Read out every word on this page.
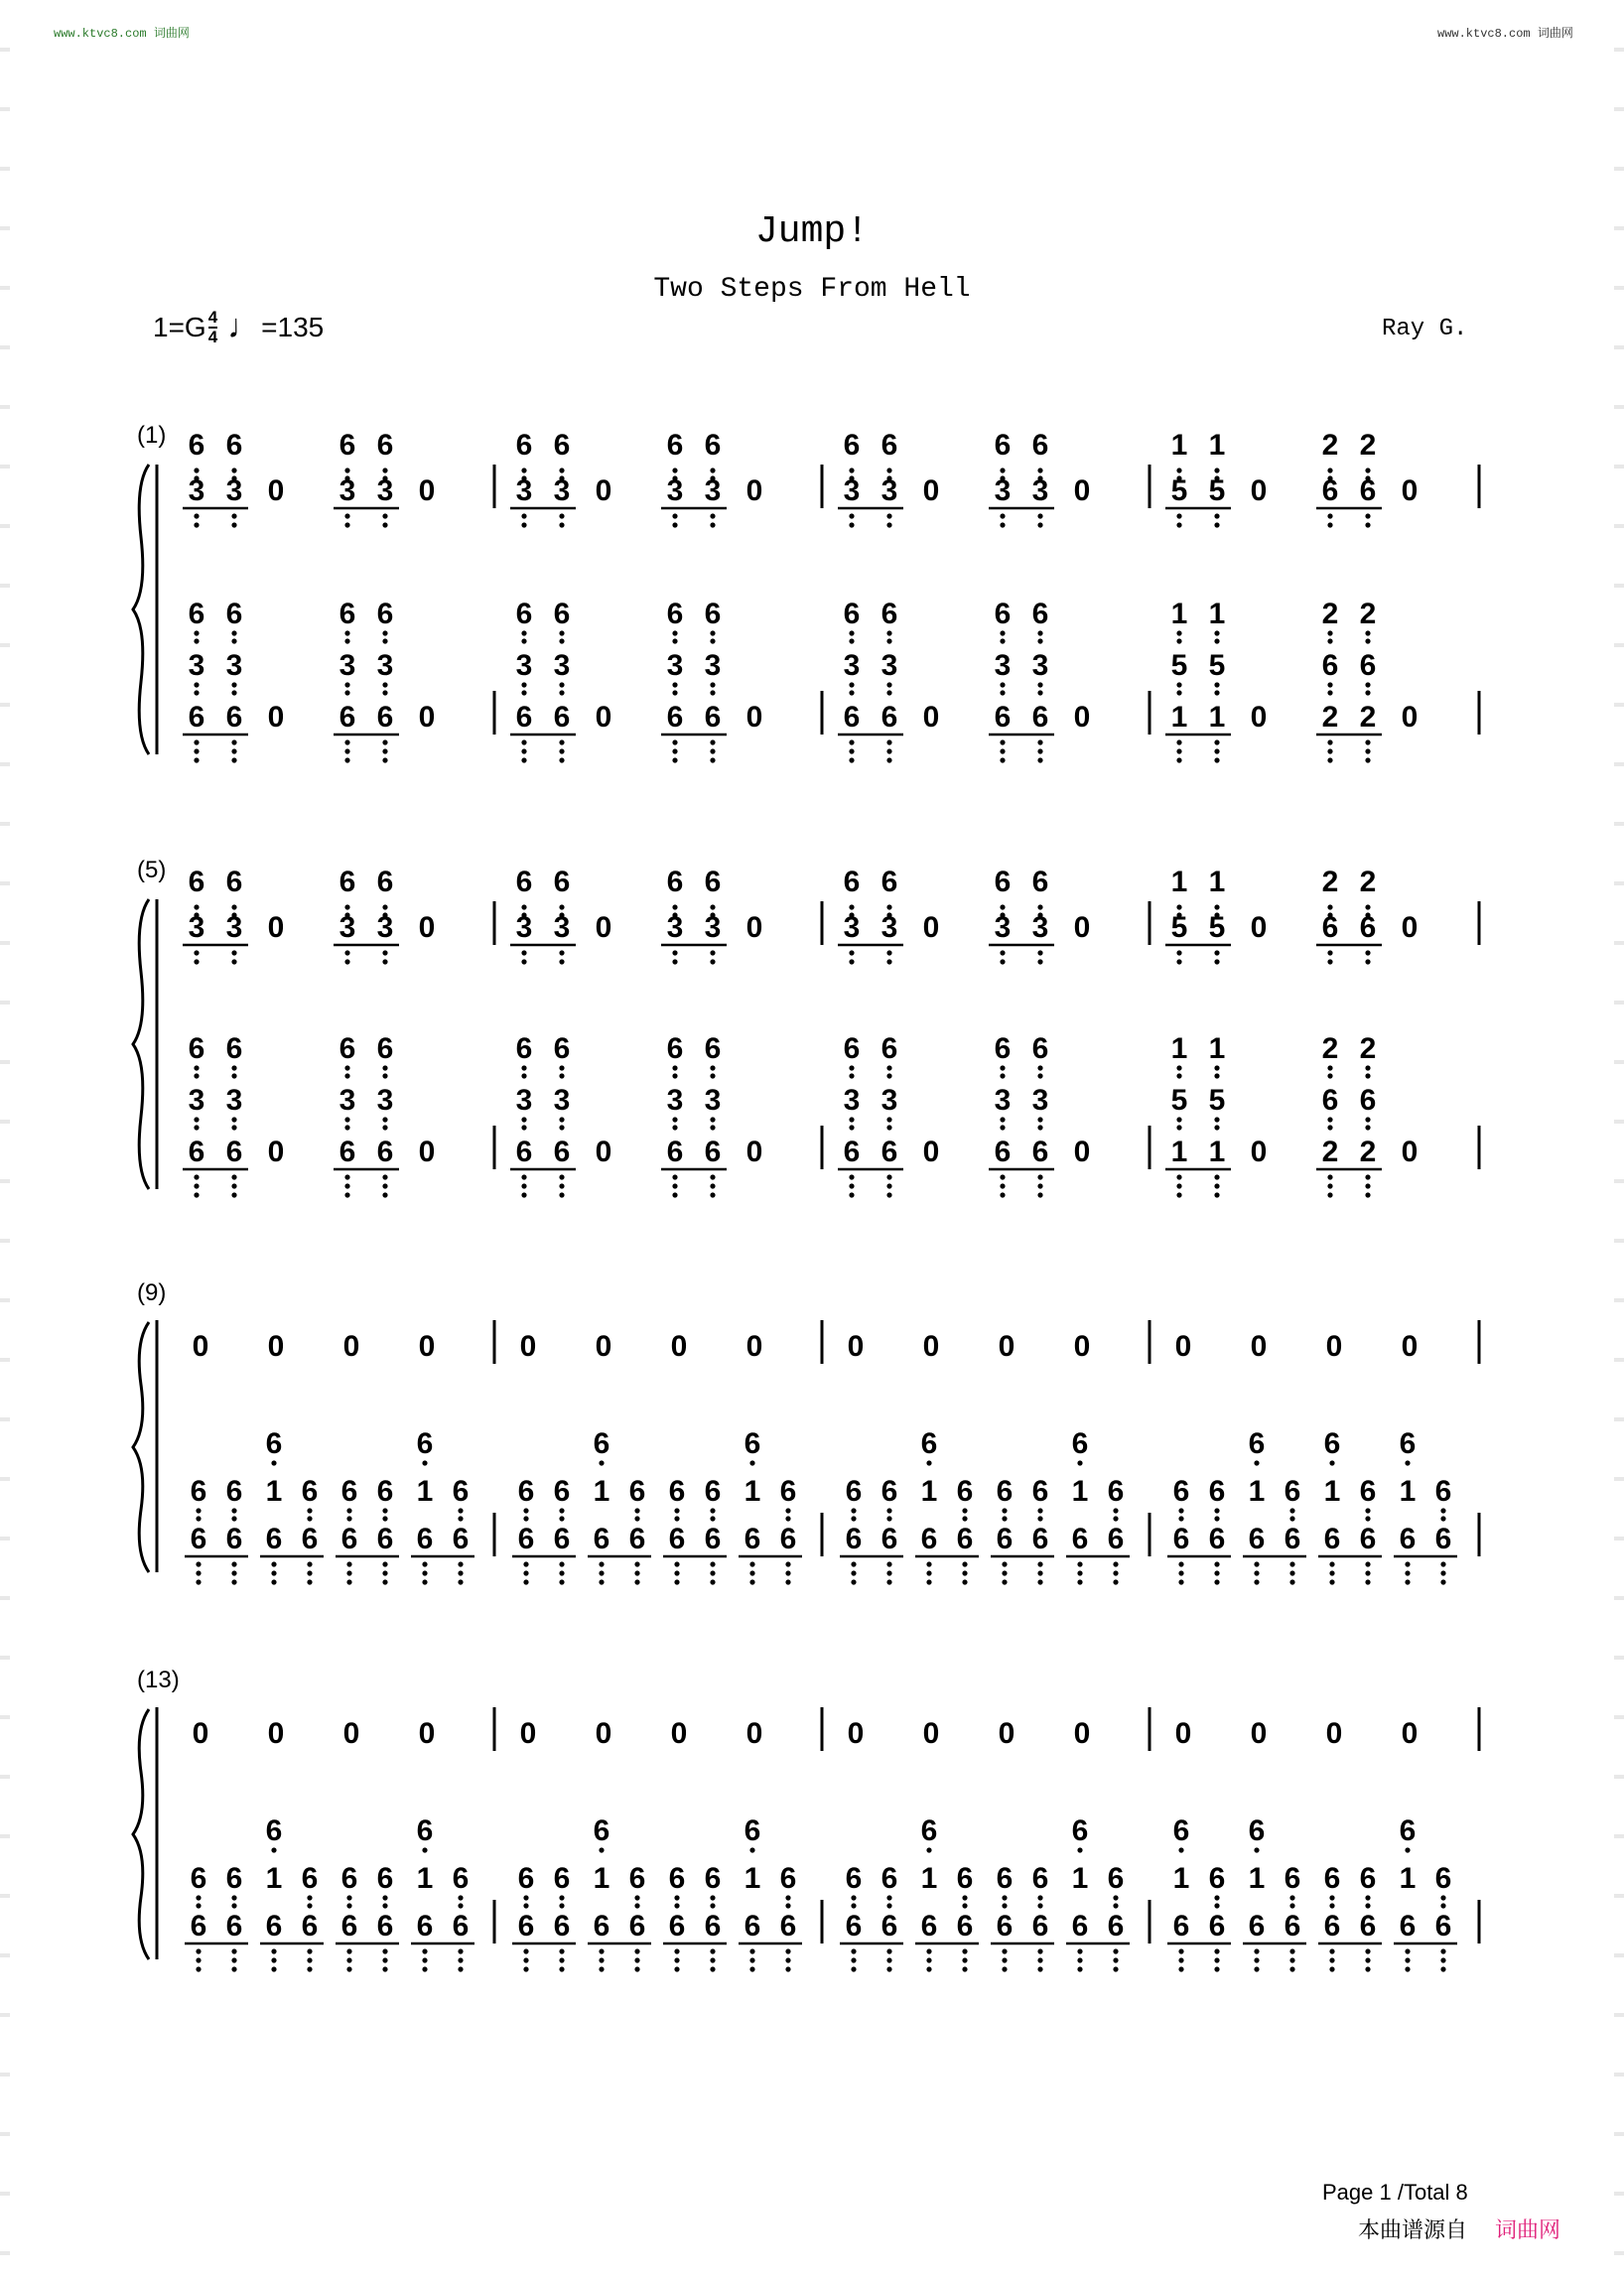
www.ktvc8.com 词曲网	www.ktvc8.com 词曲网
Jump!
Two Steps From Hell
Ray G.
1=G 4
4 ♩ =135
(1) 6
3
6
3 0
6
3
6
3 0
6
3
6
6
3
6 0
6
3
6
6
3
6 0
6
3
6
3 0
6
3
6
3 0
6
3
6
6
3
6 0
6
3
6
6
3
6 0
6
3
6
3 0
6
3
6
3 0
6
3
6
6
3
6 0
6
3
6
6
3
6 0
1
5
1
5 0
2
6
2
6 0
1
5
1
1
5
1 0
2
6
2
2
6
2 0
(5) 6
3
6
3 0
6
3
6
3 0
6
3
6
6
3
6 0
6
3
6
6
3
6 0
6
3
6
3 0
6
3
6
3 0
6
3
6
6
3
6 0
6
3
6
6
3
6 0
6
3
6
3 0
6
3
6
3 0
6
3
6
6
3
6 0
6
3
6
6
3
6 0
1
5
1
5 0
2
6
2
6 0
1
5
1
1
5
1 0
2
6
2
2
6
2 0
(9)
0 0 0 0
6
6
6
6
6
1
6
6
6
6
6
6
6
6
1
6
6
6
0 0 0 0
6
6
6
6
6
1
6
6
6
6
6
6
6
6
1
6
6
6
0 0 0 0
6
6
6
6
6
1
6
6
6
6
6
6
6
6
1
6
6
6
0 0 0 0
6
6
6
6
6
1
6
6
6
6
1
6
6
6
6
1
6
6
6
(13)
0 0 0 0
6
6
6
6
6
1
6
6
6
6
6
6
6
6
1
6
6
6
0 0 0 0
6
6
6
6
6
1
6
6
6
6
6
6
6
6
1
6
6
6
0 0 0 0
6
6
6
6
6
1
6
6
6
6
6
6
6
6
1
6
6
6
0 0 0 0
6
1
6
6
6
6
1
6
6
6
6
6
6
6
6
1
6
6
6
Page 1 /Total 8
本曲谱源自 词曲网
